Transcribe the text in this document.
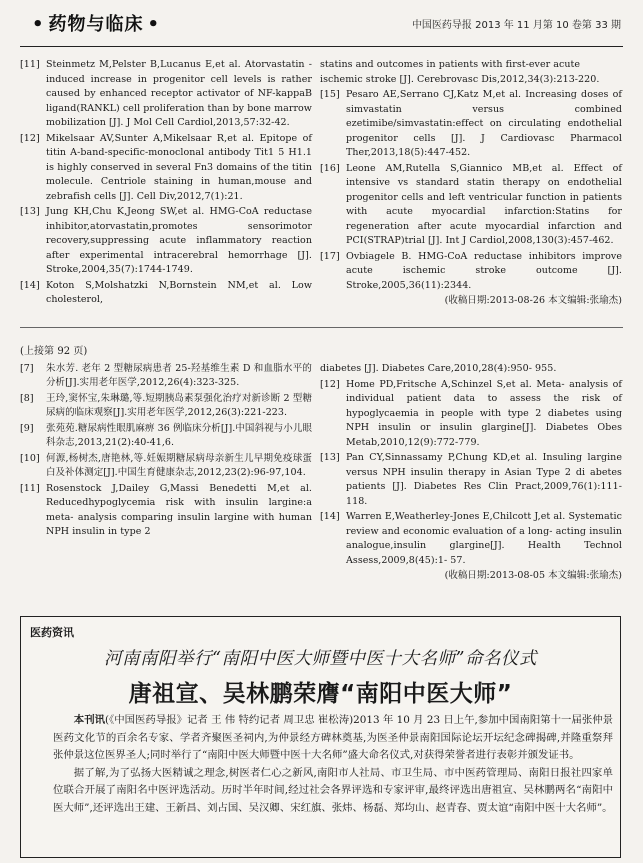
• 药物与临床 •	中国医药导报 2013 年 11 月第 10 卷第 33 期
[11] Steinmetz M,Pelster B,Lucanus E,et al. Atorvastatin -induced increase in progenitor cell levels is rather caused by enhanced receptor activator of NF-kappaB ligand(RANKL) cell proliferation than by bone marrow mobilization [J]. J Mol Cell Cardiol,2013,57:32-42.
[12] Mikelsaar AV,Sunter A,Mikelsaar R,et al. Epitope of titin A-band-specific-monoclonal antibody Tit1 5 H1.1 is highly conserved in several Fn3 domains of the titin molecule. Centriole staining in human,mouse and zebrafish cells [J]. Cell Div,2012,7(1):21.
[13] Jung KH,Chu K,Jeong SW,et al. HMG-CoA reductase inhibitor,atorvastatin,promotes sensorimotor recovery,suppressing acute inflammatory reaction after experimental intracerebral hemorrhage [J]. Stroke,2004,35(7):1744-1749.
[14] Koton S,Molshatzki N,Bornstein NM,et al. Low cholesterol,
statins and outcomes in patients with first-ever acute ischemic stroke [J]. Cerebrovasc Dis,2012,34(3):213-220.
[15] Pesaro AE,Serrano CJ,Katz M,et al. Increasing doses of simvastatin versus combined ezetimibe/simvastatin:effect on circulating endothelial progenitor cells [J]. J Cardiovasc Pharmacol Ther,2013,18(5):447-452.
[16] Leone AM,Rutella S,Giannico MB,et al. Effect of intensive vs standard statin therapy on endothelial progenitor cells and left ventricular function in patients with acute myocardial infarction:Statins for regeneration after acute myocardial infarction and PCI(STRAP)trial [J]. Int J Cardiol,2008,130(3):457-462.
[17] Ovbiagele B. HMG-CoA reductase inhibitors improve acute ischemic stroke outcome [J]. Stroke,2005,36(11):2344.
(收稿日期:2013-08-26 本文编辑:张瑜杰)
(上接第 92 页)
[7] 朱水芳. 老年 2 型糖尿病患者 25-羟基维生素 D 和血脂水平的分析[J].实用老年医学,2012,26(4):323-325.
[8] 王玲,窦怀宝,朱琳璐,等.短期胰岛素泵强化治疗对新诊断 2 型糖尿病的临床观察[J].实用老年医学,2012,26(3):221-223.
[9] 张苑苑.糖尿病性眼肌麻痹 36 例临床分析[J].中国斜视与小儿眼科杂志,2013,21(2):40-41,6.
[10] 何源,杨树杰,唐艳林,等.妊娠期糖尿病母亲新生儿早期免疫球蛋白及补体测定[J].中国生育健康杂志,2012,23(2):96-97,104.
[11] Rosenstock J,Dailey G,Massi Benedetti M,et al. Reducedhypoglycemia risk with insulin largine:a meta- analysis comparing insulin largine with human NPH insulin in type 2
diabetes [J]. Diabetes Care,2010,28(4):950- 955.
[12] Home PD,Fritsche A,Schinzel S,et al. Meta- analysis of individual patient data to assess the risk of hypoglycaemia in people with type 2 diabetes using NPH insulin or insulin glargine[J]. Diabetes Obes Metab,2010,12(9):772-779.
[13] Pan CY,Sinnassamy P,Chung KD,et al. Insuling largine versus NPH insulin therapy in Asian Type 2 di abetes patients [J]. Diabetes Res Clin Pract,2009,76(1):111-118.
[14] Warren E,Weatherley-Jones E,Chilcott J,et al. Systematic review and economic evaluation of a long- acting insulin analogue,insulin glargine[J]. Health Technol Assess,2009,8(45):1- 57.
(收稿日期:2013-08-05 本文编辑:张瑜杰)
医药资讯
河南南阳举行“南阳中医大师暨中医十大名师”命名仪式
唐祖宣、吴林鹏荣膺“南阳中医大师”

本刊讯(《中国医药导报》记者 王 伟 特约记者 周卫忠 崔松涛)2013 年 10 月 23 日上午,参加中国南阳第十一届张仲景医药文化节的百余名专家、学者齐聚医圣祠内,为仲景经方碑林奠基,为医圣仲景南阳国际论坛开坛纪念碑揭碑,并隆重祭拜张仲景这位医界圣人;同时举行了“南阳中医大师暨中医十大名师”盛大命名仪式,对获得荣誉者进行表彰并颁发证书。

据了解,为了弘扬大医精诚之理念,树医者仁心之新风,南阳市人社局、市卫生局、市中医药管理局、南阳日报社四家单位联合开展了南阳名中医评选活动。历时半年时间,经过社会各界评选和专家评审,最终评选出唐祖宣、吴林鹏两名“南阳中医大师”,还评选出王建、王新昌、刘占国、吴汉卿、宋红旗、张炜、杨磊、郑均山、赵青春、贾太谊“南阳中医十大名师”。
